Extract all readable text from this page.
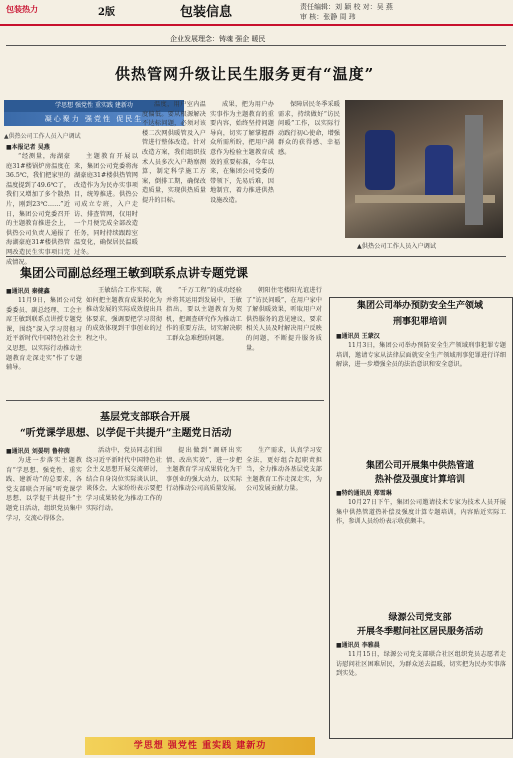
包装热力	2版	包装信息	责任编辑：刘 颖 校 对：吴 燕
审 核：张静 周 玮
企业发展理念：铸魂 强企 暖民
供热管网升级让民生服务更有“温度”
学思想 强党性 重实践 建新功
凝心聚力 强党性 促民生
▲供热公司工作人员入户调试
■本报记者 吴燕

“经测量，海湖豪庭31#楼锅炉房温度在36.5℃，我们把家里的温度提到了49.6℃了，我们又增加了多个散热片，刚到23℃……”近日，集团公司党委召开的主题教育推进会上，供热公司负责人通报了海湖豪庭31#楼供热管网改造民生实事项目完成情况。

主题教育开展以来，集团公司党委将海湖豪庭31#楼供热管网改造作为为民办实事项目，统筹推进。供热公司成立专班，入户走访、排查管网，仅用时一个月便完成全部改造任务，同时持续跟踪室温变化，确保居民温暖过冬。

温度，用户室内温度偏低。要从根源解决不达标问题，必须对该楼二次网供暖管及入户管进行整体改造。针对改造方案，我们组织技术人员多次入户勘察测算，制定科学施工方案，倒排工期，确保改造质量，实现供热质量提升的目标。

成果，把为用户办实事作为主题教育的重要内容，始终坚持问题导向，切实了解掌握群众所需所盼，把用户满意作为检验主题教育成效的重要标准，今年以来，在集团公司党委的带领下，先易后难，因地制宜，着力推进供热设施改造。

保障居民冬季采暖需求，持续做好“访民问暖”工作，以实际行动践行初心使命，增强群众的获得感、幸福感。

▲供热公司工作人员入户调试

集团公司副总经理王敏到联系点讲专题党课
■通讯员 秦健鑫

11月9日，集团公司党委委员、副总经理、工会主席王敏到联系点讲授专题党课，围绕“深入学习贯彻习近平新时代中国特色社会主义思想，以实际行动推动主题教育走深走实”作了专题辅导。

王敏结合工作实际，就如何把主题教育成果转化为推动发展的实际成效提出具体要求，强调要把学习贯彻的成效体现到干事创业的过程之中。

“千万工程”的成功经验并将其运用到发展中，王敏指出，要以主题教育为契机，把调查研究作为推动工作的重要方法，切实解决职工群众急难愁盼问题。

朝阳住宅楼阳光谊进行了“访民问暖”，在用户家中了解供暖效果，听取用户对供热服务的意见建议，要求相关人员及时解决用户反映的问题，不断提升服务质量。

基层党支部联合开展
“听党课学思想、以学促干共提升”主题党日活动
■通讯员 刘晏明 鲁梓茵

为进一步落实主题教育“学思想、强党性、重实践、建新功”的总要求，各党支部联合开展“听党课学思想、以学促干共提升”主题党日活动，组织党员集中学习，交流心得体会。

活动中，党员同志们围绕习近平新时代中国特色社会主义思想开展交流研讨，结合自身岗位实际谈认识、谈体会，大家纷纷表示要把学习成果转化为推动工作的实际行动。

提出做到“调研出实情、改出实效”，进一步把主题教育学习成果转化为干事创业的强大动力，以实际行动推动公司高质量发展。

生产需求，认真学习安全法，更好组合起职责担当，全力推动各基层党支部主题教育工作走深走实，为公司发展贡献力量。

集团公司举办预防安全生产领域
刑事犯罪培训
■通讯员 王蒙汉

11月3日，集团公司举办预防安全生产领域刑事犯罪专题培训，邀请专家从法律层面就安全生产领域刑事犯罪进行详细解读，进一步增强全员的法治意识和安全意识。

集团公司开展集中供热管道
热补偿及强度计算培训
■特约通讯员 郑雪琳

10月27日下午，集团公司邀请技术专家为技术人员开展集中供热管道热补偿及强度计算专题培训，内容贴近实际工作，参训人员纷纷表示收获颇丰。

绿源公司党支部
开展冬季慰问社区居民服务活动
■通讯员 李雅晨

11月15日，绿源公司党支部联合社区组织党员志愿者走访慰问社区困难居民，为群众送去温暖，切实把为民办实事落到实处。

学思想 强党性 重实践 建新功
